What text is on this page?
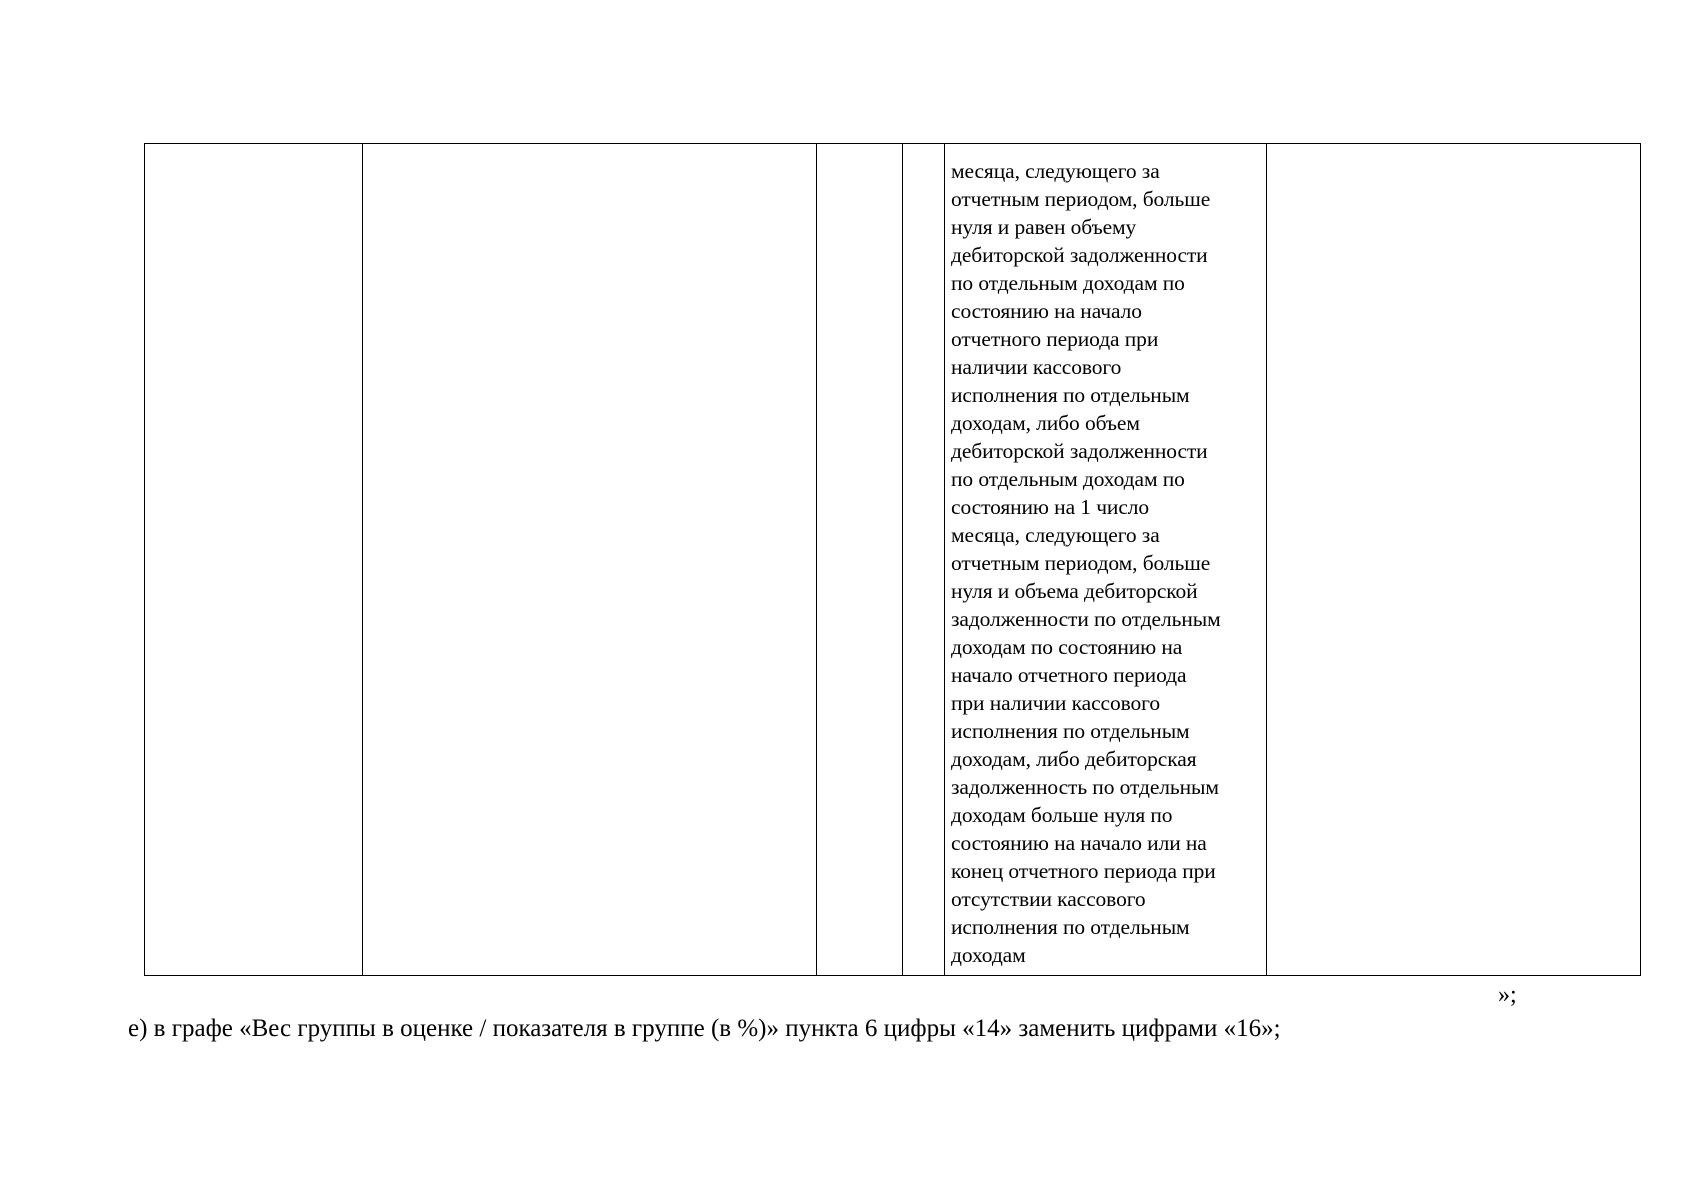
месяца, следующего за
отчетным периодом, больше
нуля и равен объему
дебиторской задолженности
по отдельным доходам по
состоянию на начало
отчетного периода при
наличии кассового
исполнения по отдельным
доходам, либо объем
дебиторской задолженности
по отдельным доходам по
состоянию на 1 число
месяца, следующего за
отчетным периодом, больше
нуля и объема дебиторской
задолженности по отдельным
доходам по состоянию на
начало отчетного периода
при наличии кассового
исполнения по отдельным
доходам, либо дебиторская
задолженность по отдельным
доходам больше нуля по
состоянию на начало или на
конец отчетного периода при
отсутствии кассового
исполнения по отдельным
доходам

»;
е) в графе «Вес группы в оценке / показателя в группе (в %)» пункта 6 цифры «14» заменить цифрами «16»;
